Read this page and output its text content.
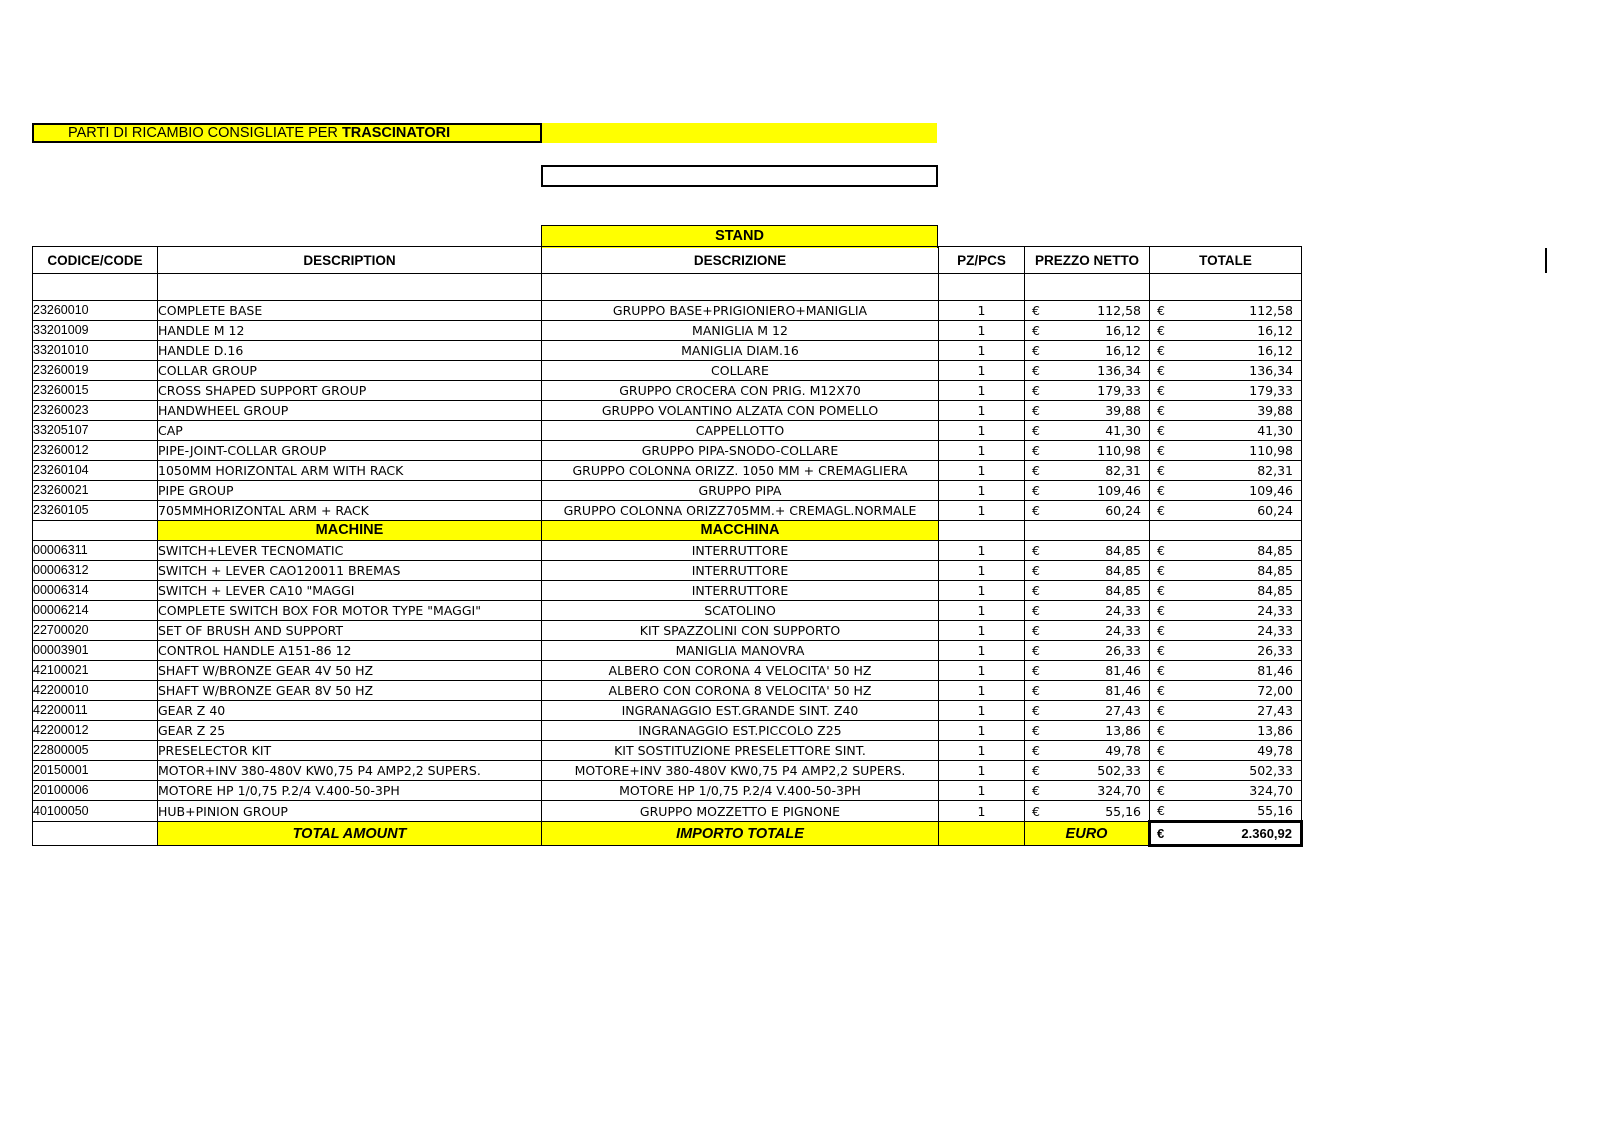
PARTI DI RICAMBIO CONSIGLIATE PER TRASCINATORI
STAND
CODICE/CODE	DESCRIPTION	DESCRIZIONE	PZ/PCS	PREZZO NETTO	TOTALE

23260010	COMPLETE BASE	GRUPPO BASE+PRIGIONIERO+MANIGLIA	1	€ 112,58	€ 112,58

33201009	HANDLE M 12	MANIGLIA M 12	1	€ 16,12	€ 16,12

33201010	HANDLE D.16	MANIGLIA DIAM.16	1	€ 16,12	€ 16,12

23260019	COLLAR GROUP	COLLARE	1	€ 136,34	€ 136,34

23260015	CROSS SHAPED SUPPORT GROUP	GRUPPO CROCERA CON PRIG. M12X70	1	€ 179,33	€ 179,33

23260023	HANDWHEEL GROUP	GRUPPO VOLANTINO ALZATA CON POMELLO	1	€ 39,88	€ 39,88

33205107	CAP	CAPPELLOTTO	1	€ 41,30	€ 41,30

23260012	PIPE-JOINT-COLLAR GROUP	GRUPPO PIPA-SNODO-COLLARE	1	€ 110,98	€ 110,98

23260104	1050MM HORIZONTAL ARM WITH RACK	GRUPPO COLONNA ORIZZ. 1050 MM + CREMAGLIERA	1	€ 82,31	€ 82,31

23260021	PIPE GROUP	GRUPPO PIPA	1	€ 109,46	€ 109,46

23260105	705MMHORIZONTAL ARM + RACK	GRUPPO COLONNA ORIZZ705MM.+ CREMAGL.NORMALE	1	€ 60,24	€ 60,24

	MACHINE	MACCHINA			
00006311	SWITCH+LEVER TECNOMATIC	INTERRUTTORE	1	€ 84,85	€ 84,85

00006312	SWITCH + LEVER CAO120011 BREMAS	INTERRUTTORE	1	€ 84,85	€ 84,85

00006314	SWITCH + LEVER CA10 "MAGGI	INTERRUTTORE	1	€ 84,85	€ 84,85

00006214	COMPLETE SWITCH BOX FOR MOTOR TYPE "MAGGI"	SCATOLINO	1	€ 24,33	€ 24,33

22700020	SET OF BRUSH AND SUPPORT	KIT SPAZZOLINI CON SUPPORTO	1	€ 24,33	€ 24,33

00003901	CONTROL HANDLE A151-86 12	MANIGLIA MANOVRA	1	€ 26,33	€ 26,33

42100021	SHAFT W/BRONZE GEAR 4V 50 HZ	ALBERO CON CORONA 4 VELOCITA' 50 HZ	1	€ 81,46	€ 81,46

42200010	SHAFT W/BRONZE GEAR 8V 50 HZ	ALBERO CON CORONA 8 VELOCITA' 50 HZ	1	€ 81,46	€ 72,00

42200011	GEAR Z 40	INGRANAGGIO EST.GRANDE SINT. Z40	1	€ 27,43	€ 27,43

42200012	GEAR Z 25	INGRANAGGIO EST.PICCOLO Z25	1	€ 13,86	€ 13,86

22800005	PRESELECTOR KIT	KIT SOSTITUZIONE PRESELETTORE SINT.	1	€ 49,78	€ 49,78

20150001	MOTOR+INV 380-480V KW0,75 P4 AMP2,2 SUPERS.	MOTORE+INV 380-480V KW0,75 P4 AMP2,2 SUPERS.	1	€ 502,33	€ 502,33

20100006	MOTORE HP 1/0,75 P.2/4 V.400-50-3PH	MOTORE HP 1/0,75 P.2/4 V.400-50-3PH	1	€ 324,70	€ 324,70

40100050	HUB+PINION GROUP	GRUPPO MOZZETTO E PIGNONE	1	€ 55,16	€ 55,16

	TOTAL AMOUNT	IMPORTO TOTALE		EURO	€ 2.360,92
